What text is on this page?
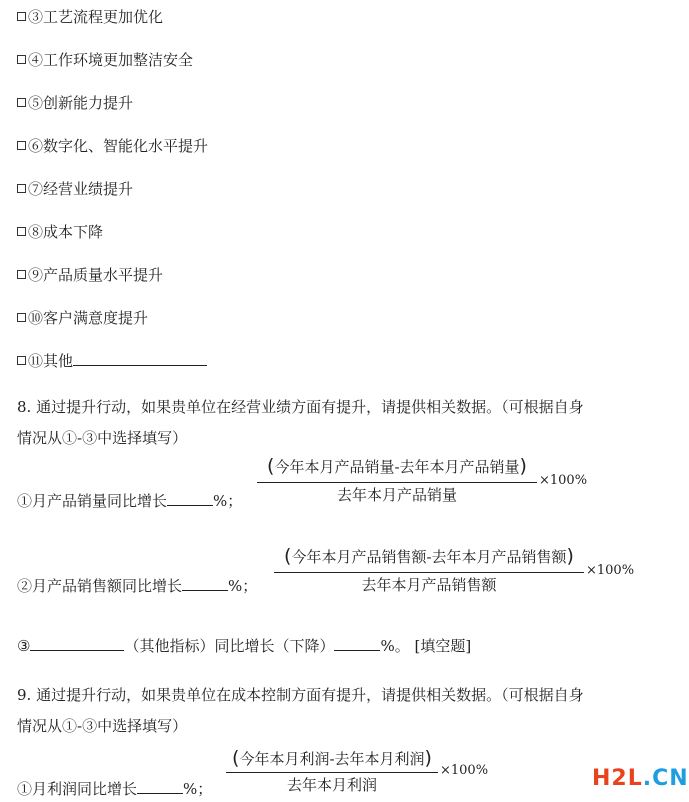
③工艺流程更加优化
④工作环境更加整洁安全
⑤创新能力提升
⑥数字化、智能化水平提升
⑦经营业绩提升
⑧成本下降
⑨产品质量水平提升
⑩客户满意度提升
⑪其他
8. 通过提升行动，如果贵单位在经营业绩方面有提升，请提供相关数据。（可根据自身
情况从①-③中选择填写）
①月产品销量同比增长	%；
(今年本月产品销量-去年本月产品销量)
去年本月产品销量
×100%
②月产品销售额同比增长	%；
(今年本月产品销售额-去年本月产品销售额)
去年本月产品销售额
×100%
③	（其他指标）同比增长（下降）	%。 [填空题]
9. 通过提升行动，如果贵单位在成本控制方面有提升，请提供相关数据。（可根据自身
情况从①-③中选择填写）
①月利润同比增长	%；
(今年本月利润-去年本月利润)
去年本月利润
×100%	H2L.CN
